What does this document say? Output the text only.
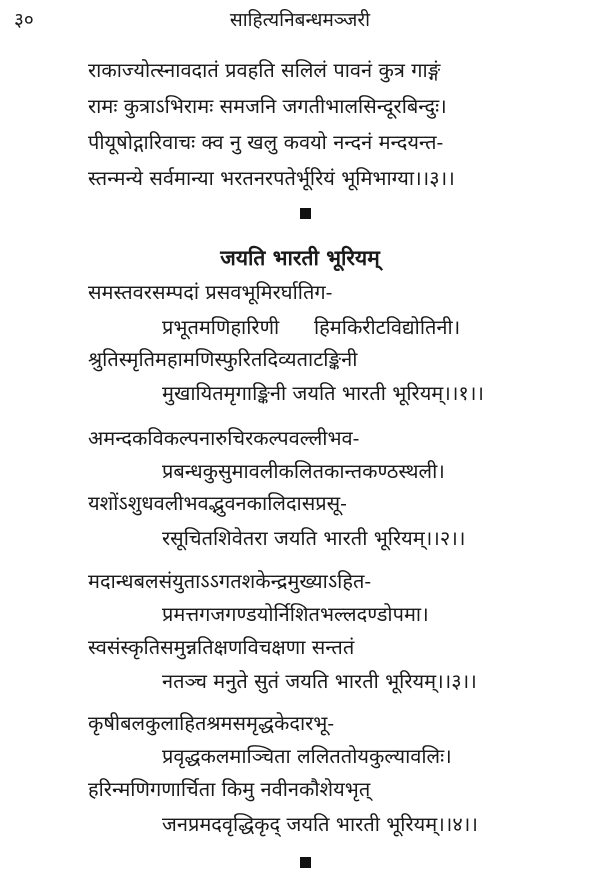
३०	साहित्यनिबन्धमञ्जरी
राकाज्योत्स्नावदातं प्रवहति सलिलं पावनं कुत्र गाङ्गं
रामः कुत्राऽभिरामः समजनि जगतीभालसिन्दूरबिन्दुः।
पीयूषोद्गारिवाचः क्व नु खलु कवयो नन्दनं मन्दयन्त-
स्तन्मन्ये सर्वमान्या भरतनरपतेर्भूरियं भूमिभाग्या।।३।।
जयति भारती भूरियम्
समस्तवरसम्पदां प्रसवभूमिरर्घातिग-
प्रभूतमणिहारिणी हिमकिरीटविद्योतिनी।
श्रुतिस्मृतिमहामणिस्फुरितदिव्यताटङ्किनी
मुखायितमृगाङ्किनी जयति भारती भूरियम्।।१।।
अमन्दकविकल्पनारुचिरकल्पवल्लीभव-
प्रबन्धकुसुमावलीकलितकान्तकण्ठस्थली।
यशोंऽशुधवलीभवद्भुवनकालिदासप्रसू-
रसूचितशिवेतरा जयति भारती भूरियम्।।२।।
मदान्धबलसंयुताऽऽगतशकेन्द्रमुख्याऽहित-
प्रमत्तगजगण्डयोर्निशितभल्लदण्डोपमा।
स्वसंस्कृतिसमुन्नतिक्षणविचक्षणा सन्ततं
नतञ्च मनुते सुतं जयति भारती भूरियम्।।३।।
कृषीबलकुलाहितश्रमसमृद्धकेदारभू-
प्रवृद्धकलमाञ्चिता ललिततोयकुल्यावलिः।
हरिन्मणिगणार्चिता किमु नवीनकौशेयभृत्
जनप्रमदवृद्धिकृद् जयति भारती भूरियम्।।४।।
